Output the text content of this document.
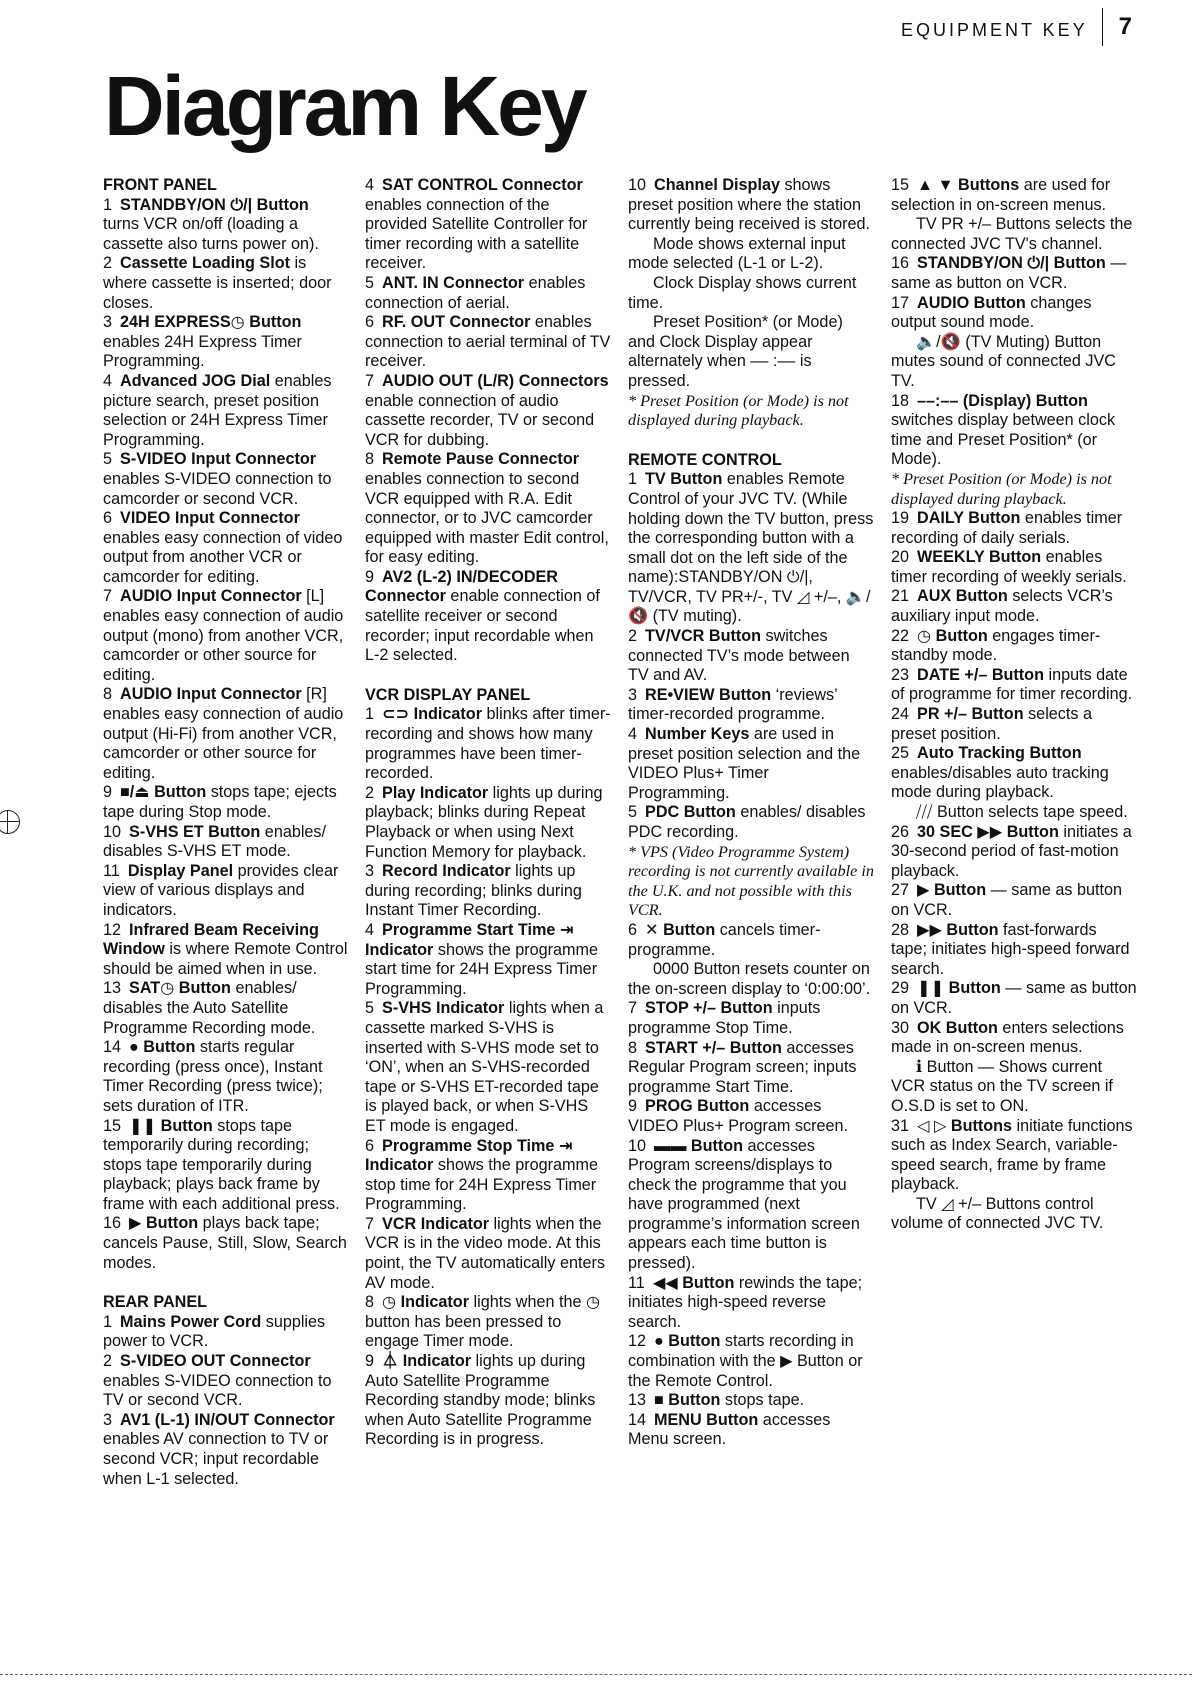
EQUIPMENT KEY	7
Diagram Key
FRONT PANEL

1 STANDBY/ON ⏻/| Button turns VCR on/off (loading a cassette also turns power on).

2 Cassette Loading Slot is where cassette is inserted; door closes.

3 24H EXPRESS◷ Button enables 24H Express Timer Programming.

4 Advanced JOG Dial enables picture search, preset position selection or 24H Express Timer Programming.

5 S-VIDEO Input Connector enables S-VIDEO connection to camcorder or second VCR.

6 VIDEO Input Connector enables easy connection of video output from another VCR or camcorder for editing.

7 AUDIO Input Connector [L] enables easy connection of audio output (mono) from another VCR, camcorder or other source for editing.

8 AUDIO Input Connector [R] enables easy connection of audio output (Hi-Fi) from another VCR, camcorder or other source for editing.

9 ■/⏏ Button stops tape; ejects tape during Stop mode.

10 S-VHS ET Button enables/ disables S-VHS ET mode.

11 Display Panel provides clear view of various displays and indicators.

12 Infrared Beam Receiving Window is where Remote Control should be aimed when in use.

13 SAT◷ Button enables/ disables the Auto Satellite Programme Recording mode.

14 ● Button starts regular recording (press once), Instant Timer Recording (press twice); sets duration of ITR.

15 ❚❚ Button stops tape temporarily during recording; stops tape temporarily during playback; plays back frame by frame with each additional press.

16 ▶ Button plays back tape; cancels Pause, Still, Slow, Search modes.

REAR PANEL

1 Mains Power Cord supplies power to VCR.

2 S-VIDEO OUT Connector enables S-VIDEO connection to TV or second VCR.

3 AV1 (L-1) IN/OUT Connector enables AV connection to TV or second VCR; input recordable when L-1 selected.

4 SAT CONTROL Connector enables connection of the provided Satellite Controller for timer recording with a satellite receiver.

5 ANT. IN Connector enables connection of aerial.

6 RF. OUT Connector enables connection to aerial terminal of TV receiver.

7 AUDIO OUT (L/R) Connectors enable connection of audio cassette recorder, TV or second VCR for dubbing.

8 Remote Pause Connector enables connection to second VCR equipped with R.A. Edit connector, or to JVC camcorder equipped with master Edit control, for easy editing.

9 AV2 (L-2) IN/DECODER Connector enable connection of satellite receiver or second recorder; input recordable when L-2 selected.

VCR DISPLAY PANEL

1 ⊂⊃ Indicator blinks after timer-recording and shows how many programmes have been timer-recorded.

2 Play Indicator lights up during playback; blinks during Repeat Playback or when using Next Function Memory for playback.

3 Record Indicator lights up during recording; blinks during Instant Timer Recording.

4 Programme Start Time ⇥ Indicator shows the programme start time for 24H Express Timer Programming.

5 S-VHS Indicator lights when a cassette marked S-VHS is inserted with S-VHS mode set to ‘ON’, when an S-VHS-recorded tape or S-VHS ET-recorded tape is played back, or when S-VHS ET mode is engaged.

6 Programme Stop Time ⇥ Indicator shows the programme stop time for 24H Express Timer Programming.

7 VCR Indicator lights when the VCR is in the video mode. At this point, the TV automatically enters AV mode.

8 ◷ Indicator lights when the ◷ button has been pressed to engage Timer mode.

9 ⏃ Indicator lights up during Auto Satellite Programme Recording standby mode; blinks when Auto Satellite Programme Recording is in progress.

10 Channel Display shows preset position where the station currently being received is stored.

Mode shows external input mode selected (L-1 or L-2).

Clock Display shows current time.

Preset Position* (or Mode) and Clock Display appear alternately when –– :–– is pressed.

* Preset Position (or Mode) is not displayed during playback.

REMOTE CONTROL

1 TV Button enables Remote Control of your JVC TV. (While holding down the TV button, press the corresponding button with a small dot on the left side of the name):STANDBY/ON ⏻/|, TV/VCR, TV PR+/-, TV ◿ +/–, 🔈/🔇 (TV muting).

2 TV/VCR Button switches connected TV’s mode between TV and AV.

3 RE•VIEW Button ‘reviews’ timer-recorded programme.

4 Number Keys are used in preset position selection and the VIDEO Plus+ Timer Programming.

5 PDC Button enables/ disables PDC recording.

* VPS (Video Programme System) recording is not currently available in the U.K. and not possible with this VCR.

6 ✕ Button cancels timer-programme.

0000 Button resets counter on the on-screen display to ‘0:00:00’.

7 STOP +/– Button inputs programme Stop Time.

8 START +/– Button accesses Regular Program screen; inputs programme Start Time.

9 PROG Button accesses VIDEO Plus+ Program screen.

10 ▬▬ Button accesses Program screens/displays to check the programme that you have programmed (next programme’s information screen appears each time button is pressed).

11 ◀◀ Button rewinds the tape; initiates high-speed reverse search.

12 ● Button starts recording in combination with the ▶ Button or the Remote Control.

13 ■ Button stops tape.

14 MENU Button accesses Menu screen.

15 ▲ ▼ Buttons are used for selection in on-screen menus.

TV PR +/– Buttons selects the connected JVC TV's channel.

16 STANDBY/ON ⏻/| Button — same as button on VCR.

17 AUDIO Button changes output sound mode.

🔈/🔇 (TV Muting) Button mutes sound of connected JVC TV.

18 ––:–– (Display) Button switches display between clock time and Preset Position* (or Mode).

* Preset Position (or Mode) is not displayed during playback.

19 DAILY Button enables timer recording of daily serials.

20 WEEKLY Button enables timer recording of weekly serials.

21 AUX Button selects VCR’s auxiliary input mode.

22 ◷ Button engages timer-standby mode.

23 DATE +/– Button inputs date of programme for timer recording.

24 PR +/– Button selects a preset position.

25 Auto Tracking Button enables/disables auto tracking mode during playback.

⧸⧸⧸ Button selects tape speed.

26 30 SEC ▶▶ Button initiates a 30-second period of fast-motion playback.

27 ▶ Button — same as button on VCR.

28 ▶▶ Button fast-forwards tape; initiates high-speed forward search.

29 ❚❚ Button — same as button on VCR.

30 OK Button enters selections made in on-screen menus.

ℹ Button — Shows current VCR status on the TV screen if O.S.D is set to ON.

31 ◁ ▷ Buttons initiate functions such as Index Search, variable-speed search, frame by frame playback.

TV ◿ +/– Buttons control volume of connected JVC TV.
